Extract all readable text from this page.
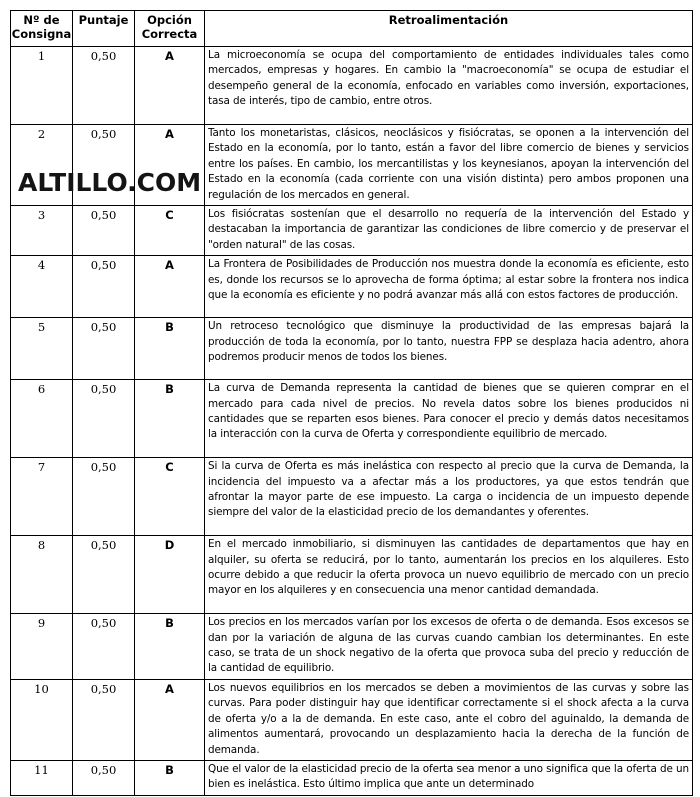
Nº de Consigna	Puntaje	Opción Correcta	Retroalimentación
1	0,50	A	La microeconomía se ocupa del comportamiento de entidades individuales tales como mercados, empresas y hogares. En cambio la "macroeconomía" se ocupa de estudiar el desempeño general de la economía, enfocado en variables como inversión, exportaciones, tasa de interés, tipo de cambio, entre otros.
2	0,50	A	Tanto los monetaristas, clásicos, neoclásicos y fisiócratas, se oponen a la intervención del Estado en la economía, por lo tanto, están a favor del libre comercio de bienes y servicios entre los países. En cambio, los mercantilistas y los keynesianos, apoyan la intervención del Estado en la economía (cada corriente con una visión distinta) pero ambos proponen una regulación de los mercados en general.
3	0,50	C	Los fisiócratas sostenían que el desarrollo no requería de la intervención del Estado y destacaban la importancia de garantizar las condiciones de libre comercio y de preservar el "orden natural" de las cosas.
4	0,50	A	La Frontera de Posibilidades de Producción nos muestra donde la economía es eficiente, esto es, donde los recursos se lo aprovecha de forma óptima; al estar sobre la frontera nos indica que la economía es eficiente y no podrá avanzar más allá con estos factores de producción.
5	0,50	B	Un retroceso tecnológico que disminuye la productividad de las empresas bajará la producción de toda la economía, por lo tanto, nuestra FPP se desplaza hacia adentro, ahora podremos producir menos de todos los bienes.
6	0,50	B	La curva de Demanda representa la cantidad de bienes que se quieren comprar en el mercado para cada nivel de precios. No revela datos sobre los bienes producidos ni cantidades que se reparten esos bienes. Para conocer el precio y demás datos necesitamos la interacción con la curva de Oferta y correspondiente equilibrio de mercado.
7	0,50	C	Si la curva de Oferta es más inelástica con respecto al precio que la curva de Demanda, la incidencia del impuesto va a afectar más a los productores, ya que estos tendrán que afrontar la mayor parte de ese impuesto. La carga o incidencia de un impuesto depende siempre del valor de la elasticidad precio de los demandantes y oferentes.
8	0,50	D	En el mercado inmobiliario, si disminuyen las cantidades de departamentos que hay en alquiler, su oferta se reducirá, por lo tanto, aumentarán los precios en los alquileres. Esto ocurre debido a que reducir la oferta provoca un nuevo equilibrio de mercado con un precio mayor en los alquileres y en consecuencia una menor cantidad demandada.
9	0,50	B	Los precios en los mercados varían por los excesos de oferta o de demanda. Esos excesos se dan por la variación de alguna de las curvas cuando cambian los determinantes. En este caso, se trata de un shock negativo de la oferta que provoca suba del precio y reducción de la cantidad de equilibrio.
10	0,50	A	Los nuevos equilibrios en los mercados se deben a movimientos de las curvas y sobre las curvas. Para poder distinguir hay que identificar correctamente si el shock afecta a la curva de oferta y/o a la de demanda. En este caso, ante el cobro del aguinaldo, la demanda de alimentos aumentará, provocando un desplazamiento hacia la derecha de la función de demanda.
11	0,50	B	Que el valor de la elasticidad precio de la oferta sea menor a uno significa que la oferta de un bien es inelástica. Esto último implica que ante un determinado
ALTILLO.COM
